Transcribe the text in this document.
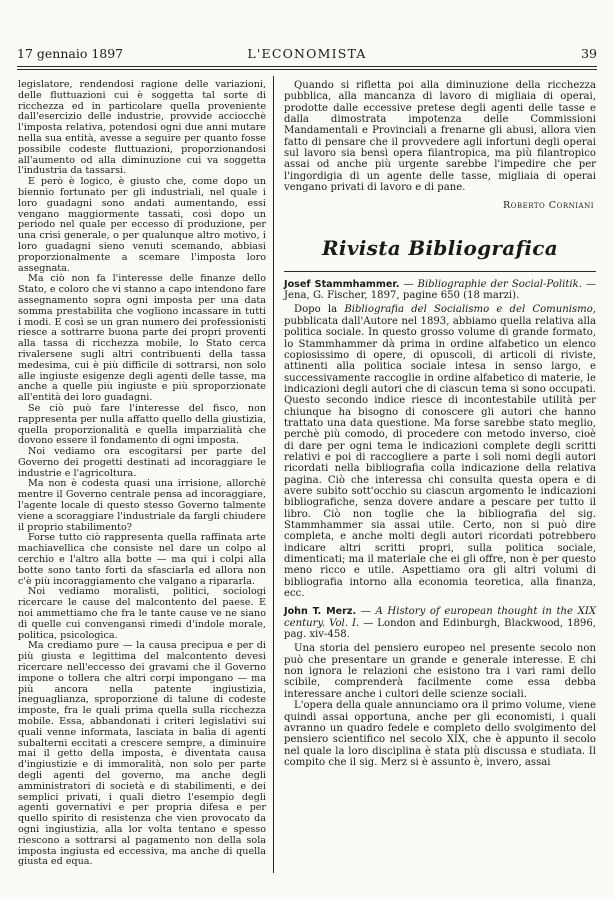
17 gennaio 1897	L'ECONOMISTA	39

legislatore, rendendosi ragione delle variazioni, delle fluttuazioni cui è soggetta tal sorte di ricchezza ed in particolare quella proveniente dall'esercizio delle industrie, provvide acciocchè l'imposta relativa, potendosi ogni due anni mutare nella sua entità, avesse a seguire per quanto fosse possibile codeste fluttuazioni, proporzionandosi all'aumento od alla diminuzione cui va soggetta l'industria da tassarsi.

E però è logico, è giusto che, come dopo un biennio fortunato per gli industriali, nel quale i loro guadagni sono andati aumentando, essi vengano maggiormente tassati, così dopo un periodo nel quale per eccesso di produzione, per una crisi generale, o per qualunque altro motivo, i loro guadagni sieno venuti scemando, abbiasi proporzionalmente a scemare l'imposta loro assegnata.

Ma ciò non fa l'interesse delle finanze dello Stato, e coloro che vi stanno a capo intendono fare assegnamento sopra ogni imposta per una data somma prestabilita che vogliono incassare in tutti i modi. E così se un gran numero dei professionisti riesce a sottrarre buona parte dei propri proventi alla tassa di ricchezza mobile, lo Stato cerca rivalersene sugli altri contribuenti della tassa medesima, cui è più difficile di sottrarsi, non solo alle ingiuste esigenze degli agenti delle tasse, ma anche a quelle più ingiuste e più sproporzionate all'entità dei loro guadagni.

Se ciò può fare l'interesse del fisco, non rappresenta per nulla affatto quello della giustizia, quella proporzionalità e quella imparzialità che dovono essere il fondamento di ogni imposta.

Noi vediamo ora escogitarsi per parte del Governo dei progetti destinati ad incoraggiare le industrie e l'agricoltura.

Ma non è codesta quasi una irrisione, allorchè mentre il Governo centrale pensa ad incoraggiare, l'agente locale di questo stesso Governo talmente viene a scoraggiare l'industriale da fargli chiudere il proprio stabilimento?

Forse tutto ciò rappresenta quella raffinata arte machiavellica che consiste nel dare un colpo al cerchio e l'altro alla botte — ma qui i colpi alla botte sono tanto forti da sfasciarla ed allora non c'è più incoraggiamento che valgano a ripararla.

Noi vediamo moralisti, politici, sociologi ricercare le cause del malcontento del paese. E noi ammettiamo che fra le tante cause ve ne siano di quelle cui convengansi rimedi d'indole morale, politica, psicologica.

Ma crediamo pure — la causa precipua e per di più giusta e legittima del malcontento devesi ricercare nell'eccesso dei gravami che il Governo impone o tollera che altri corpi impongano — ma più ancora nella patente ingiustizia, ineguaglianza, sproporzione di talune di codeste imposte, fra le quali prima quella sulla ricchezza mobile. Essa, abbandonati i criteri legislativi sui quali venne informata, lasciata in balìa di agenti subalterni eccitati a crescere sempre, a diminuire mai il getto della imposta, è diventata causa d'ingiustizie e di immoralità, non solo per parte degli agenti del governo, ma anche degli amministratori di società e di stabilimenti, e dei semplici privati, i quali dietro l'esempio degli agenti governativi e per propria difesa e per quello spirito di resistenza che vien provocato da ogni ingiustizia, alla lor volta tentano e spesso riescono a sottrarsi al pagamento non della sola imposta ingiusta ed eccessiva, ma anche di quella giusta ed equa.

Quando si rifletta poi alla diminuzione della ricchezza pubblica, alla mancanza di lavoro di migliaia di operai, prodotte dalle eccessive pretese degli agenti delle tasse e dalla dimostrata impotenza delle Commissioni Mandamentali e Provinciali a frenarne gli abusi, allora vien fatto di pensare che il provvedere agli infortuni degli operai sul lavoro sia bensì opera filantropica, ma più filantropico assai od anche più urgente sarebbe l'impedire che per l'ingordigia di un agente delle tasse, migliaia di operai vengano privati di lavoro e di pane.

Roberto Corniani
Rivista Bibliografica

Josef Stammhammer. — Bibliographie der Social-Politik. — Jena, G. Fischer, 1897, pagine 650 (18 marzi).

Dopo la Bibliografia del Socialismo e del Comunismo, pubblicata dall'Autore nel 1893, abbiamo quella relativa alla politica sociale. In questo grosso volume di grande formato, lo Stammhammer dà prima in ordine alfabetico un elenco copiosissimo di opere, di opuscoli, di articoli di riviste, attinenti alla politica sociale intesa in senso largo, e successivamente raccoglie in ordine alfabetico di materie, le indicazioni degli autori che di ciascun tema si sono occupati. Questo secondo indice riesce di incontestabile utilità per chiunque ha bisogno di conoscere gli autori che hanno trattato una data questione. Ma forse sarebbe stato meglio, perchè più comodo, di procedere con metodo inverso, cioè di dare per ogni tema le indicazioni complete degli scritti relativi e poi di raccogliere a parte i soli nomi degli autori ricordati nella bibliografia colla indicazione della relativa pagina. Ciò che interessa chi consulta questa opera e di avere subito sott'occhio su ciascun argomento le indicazioni bibliografiche, senza dovere andare a pescare per tutto il libro. Ciò non toglie che la bibliografia del sig. Stammhammer sia assai utile. Certo, non si può dire completa, e anche molti degli autori ricordati potrebbero indicare altri scritti propri, sulla politica sociale, dimenticati; ma il materiale che ei gli offre, non è per questo meno ricco e utile. Aspettiamo ora gli altri volumi di bibliografia intorno alla economia teoretica, alla finanza, ecc.

John T. Merz. — A History of european thought in the XIX century. Vol. I. — London and Edinburgh, Blackwood, 1896, pag. xiv-458.

Una storia del pensiero europeo nel presente secolo non può che presentare un grande e generale interesse. E chi non ignora le relazioni che esistono tra i vari rami dello scibile, comprenderà facilmente come essa debba interessare anche i cultori delle scienze sociali.

L'opera della quale annunciamo ora il primo volume, viene quindi assai opportuna, anche per gli economisti, i quali avranno un quadro fedele e completo dello svolgimento del pensiero scientifico nel secolo XIX, che è appunto il secolo nel quale la loro disciplina è stata più discussa e studiata. Il compito che il sig. Merz si è assunto è, invero, assai
